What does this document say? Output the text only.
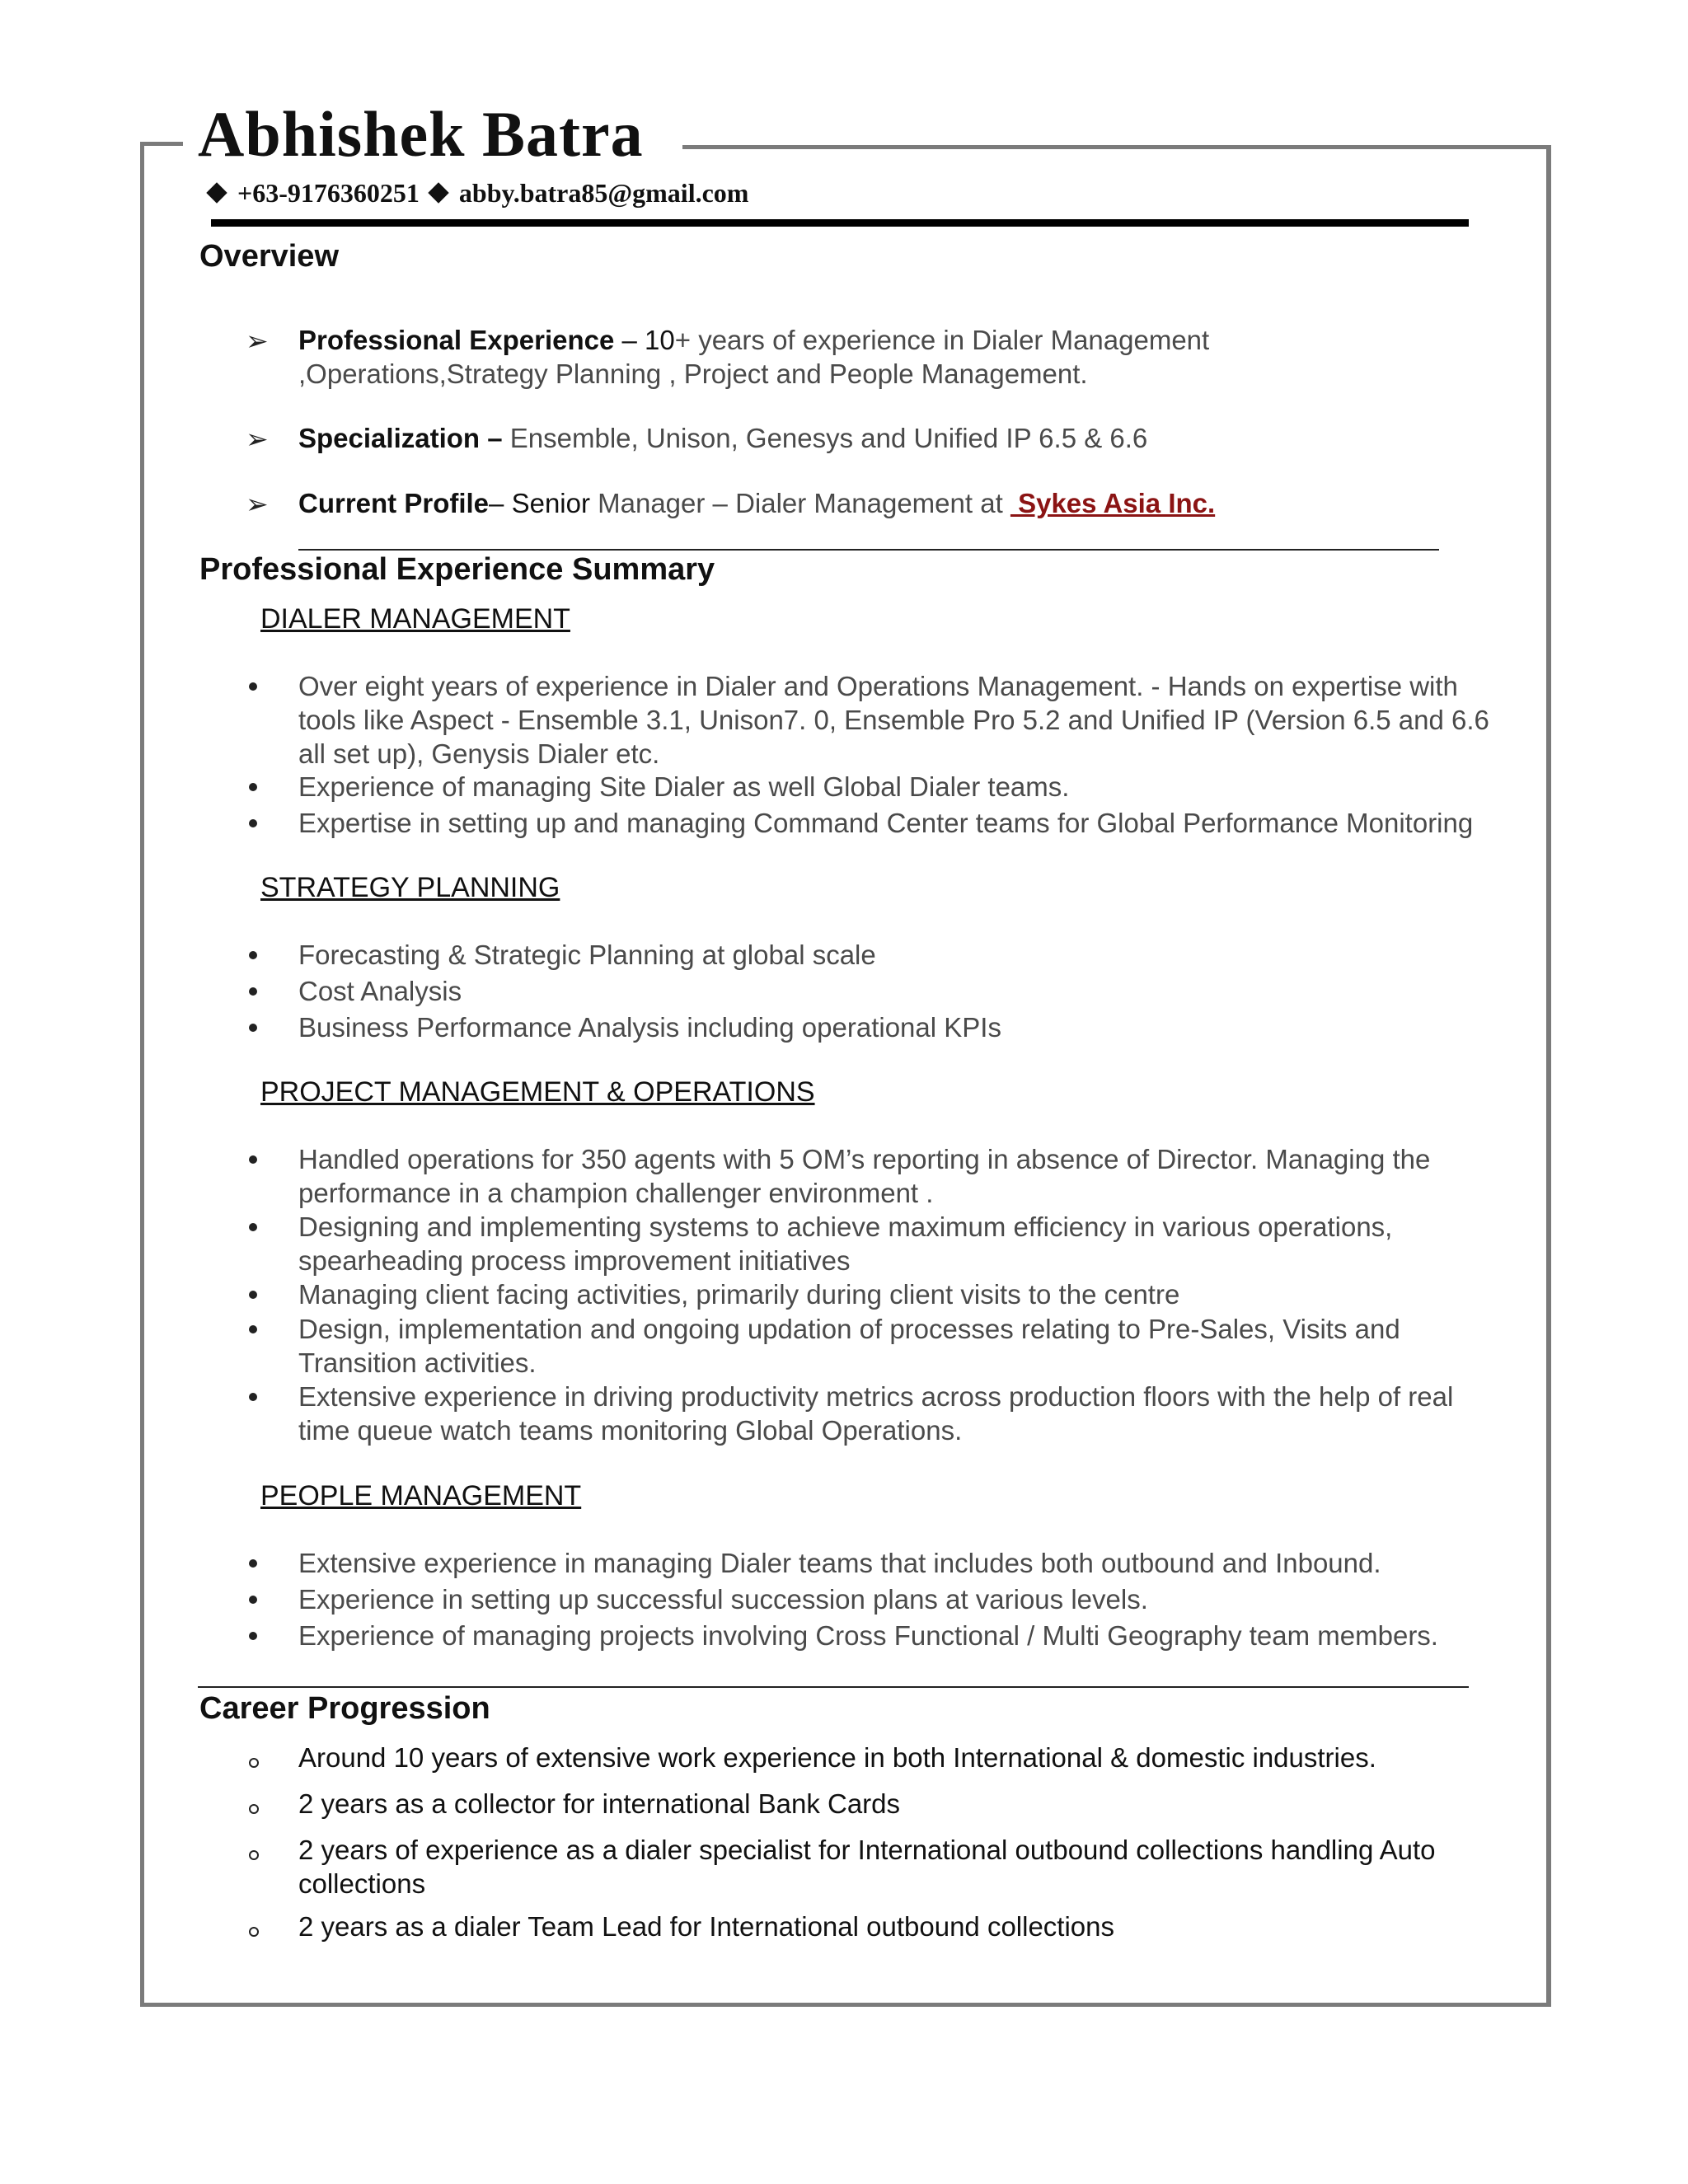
Abhishek Batra
+63-9176360251 abby.batra85@gmail.com
Overview
➢ Professional Experience – 10+ years of experience in Dialer Management ,Operations,Strategy Planning , Project and People Management.
➢ Specialization – Ensemble, Unison, Genesys and Unified IP 6.5 & 6.6
➢ Current Profile– Senior Manager – Dialer Management at  Sykes Asia Inc.
Professional Experience Summary
DIALER MANAGEMENT
Over eight years of experience in Dialer and Operations Management. - Hands on expertise with tools like Aspect - Ensemble 3.1, Unison7. 0, Ensemble Pro 5.2 and Unified IP (Version 6.5 and 6.6 all set up), Genysis Dialer etc.
Experience of managing Site Dialer as well Global Dialer teams.
Expertise in setting up and managing Command Center teams for Global Performance Monitoring
STRATEGY PLANNING
Forecasting & Strategic Planning at global scale
Cost Analysis
Business Performance Analysis including operational KPIs
PROJECT MANAGEMENT & OPERATIONS
Handled operations for 350 agents with 5 OM’s reporting in absence of Director. Managing the performance in a champion challenger environment .
Designing and implementing systems to achieve maximum efficiency in various operations, spearheading process improvement initiatives
Managing client facing activities, primarily during client visits to the centre
Design, implementation and ongoing updation of processes relating to Pre-Sales, Visits and Transition activities.
Extensive experience in driving productivity metrics across production floors with the help of real time queue watch teams monitoring Global Operations.
PEOPLE MANAGEMENT
Extensive experience in managing Dialer teams that includes both outbound and Inbound.
Experience in setting up successful succession plans at various levels.
Experience of managing projects involving Cross Functional / Multi Geography team members.
Career Progression
Around 10 years of extensive work experience in both International & domestic industries.
2 years as a collector for international Bank Cards
2 years of experience as a dialer specialist for International outbound collections handling Auto collections
2 years as a dialer Team Lead for International outbound collections
